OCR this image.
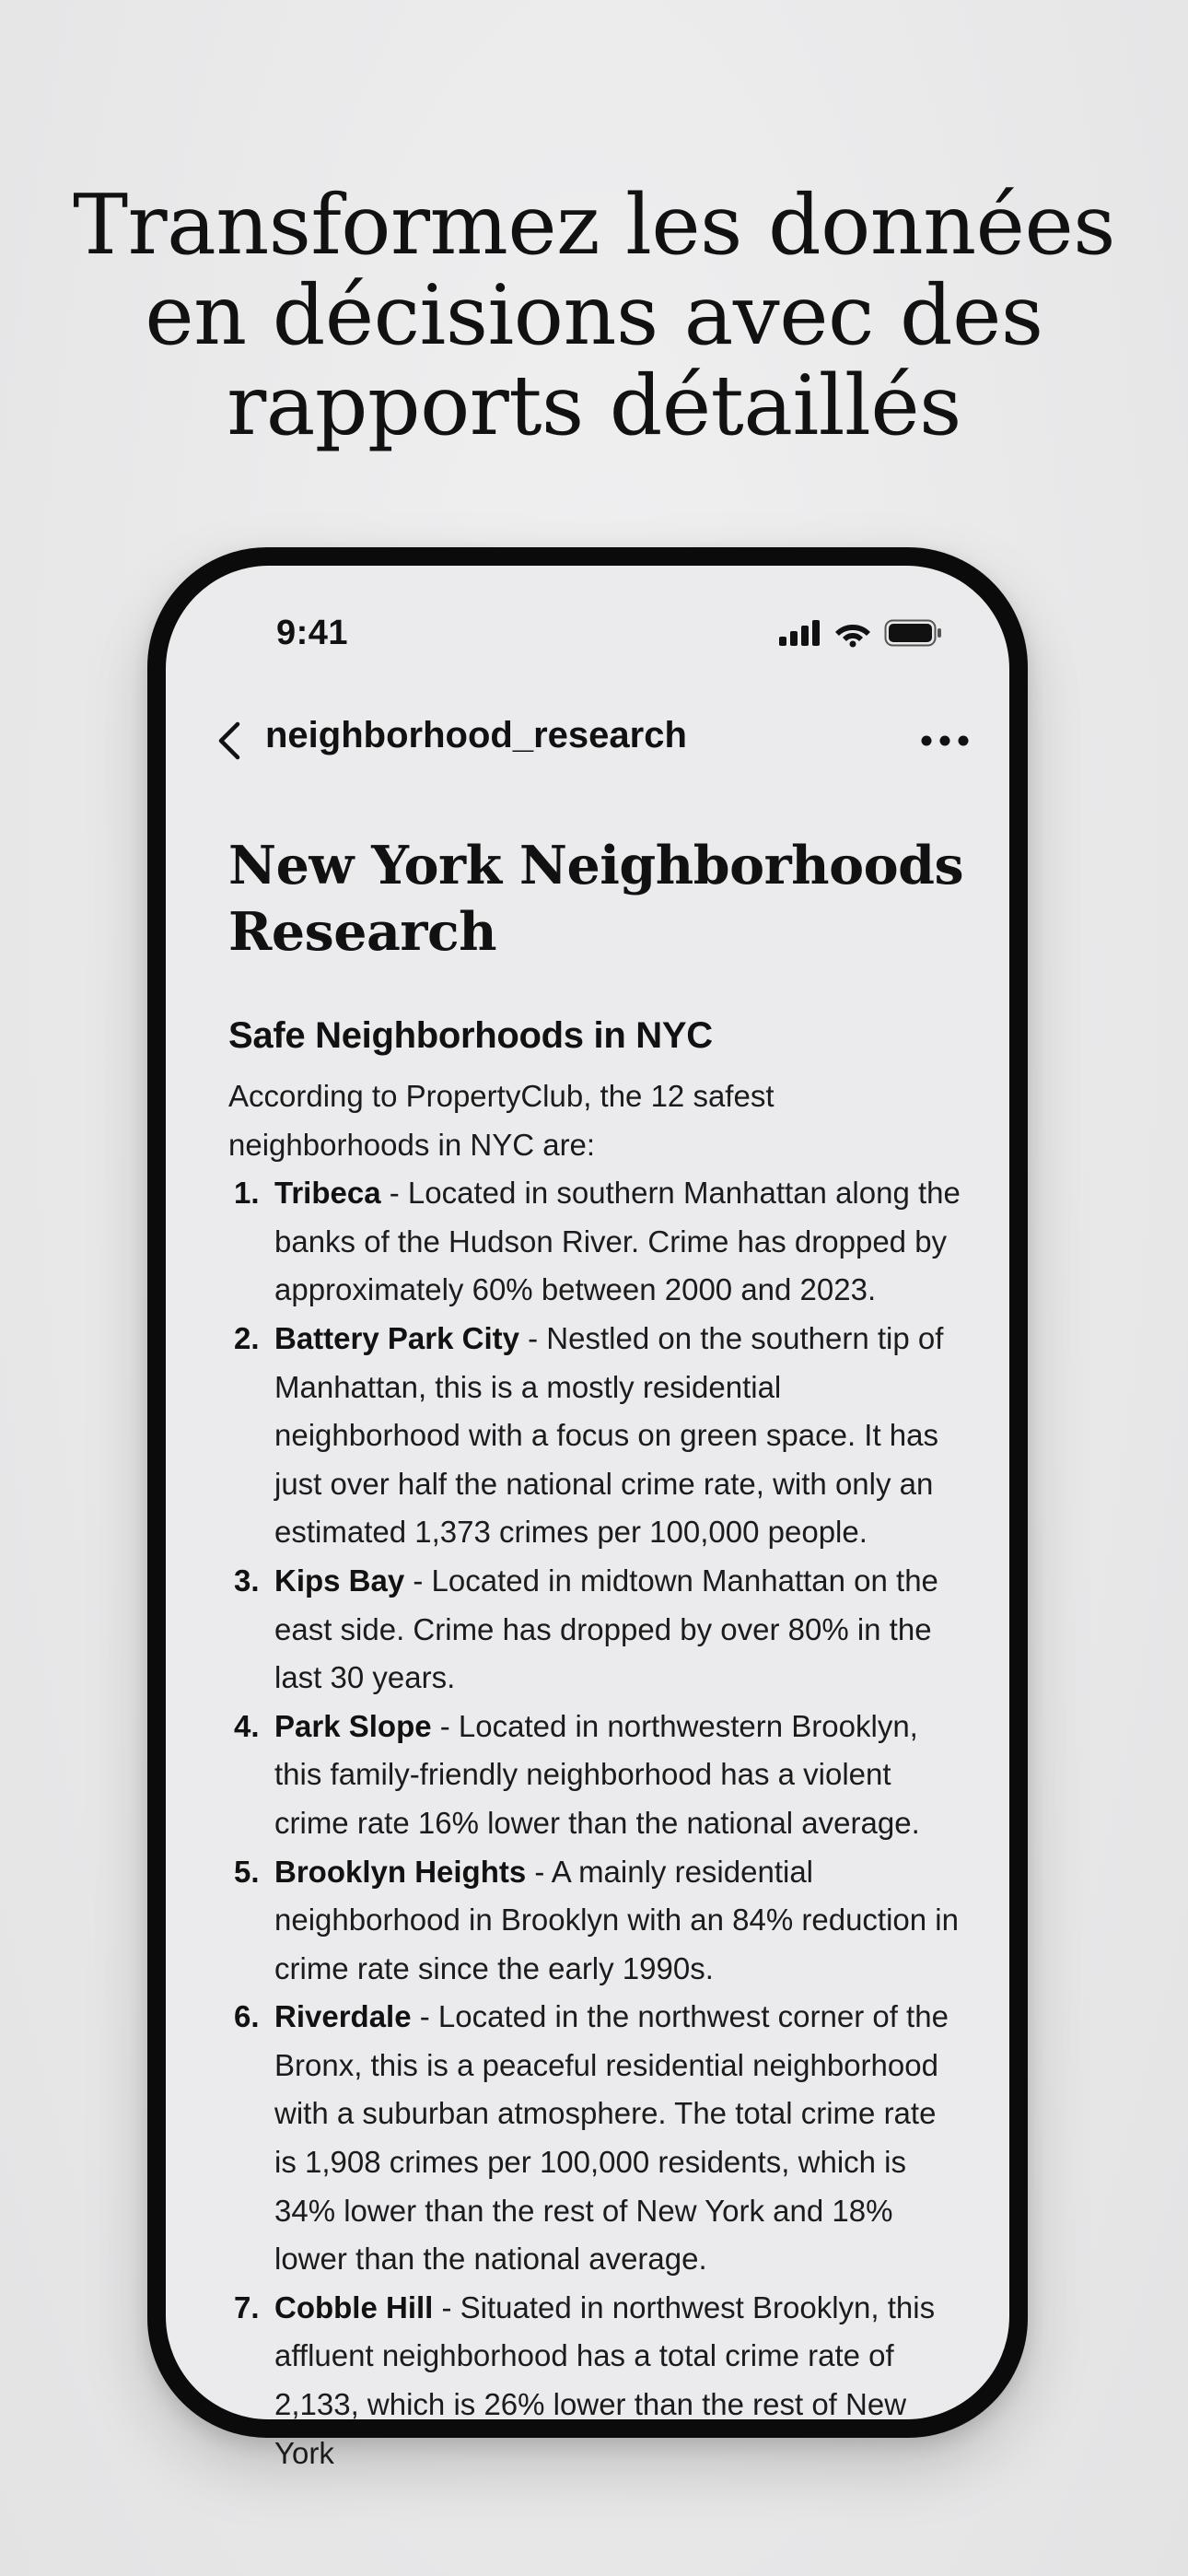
Transformez les données
en décisions avec des
rapports détaillés
9:41
neighborhood_research
New York Neighborhoods Research
Safe Neighborhoods in NYC

According to PropertyClub, the 12 safest neighborhoods in NYC are:

1. Tribeca - Located in southern Manhattan along the banks of the Hudson River. Crime has dropped by approximately 60% between 2000 and 2023.
2. Battery Park City - Nestled on the southern tip of Manhattan, this is a mostly residential neighborhood with a focus on green space. It has just over half the national crime rate, with only an estimated 1,373 crimes per 100,000 people.
3. Kips Bay - Located in midtown Manhattan on the east side. Crime has dropped by over 80% in the last 30 years.
4. Park Slope - Located in northwestern Brooklyn, this family-friendly neighborhood has a violent crime rate 16% lower than the national average.
5. Brooklyn Heights - A mainly residential neighborhood in Brooklyn with an 84% reduction in crime rate since the early 1990s.
6. Riverdale - Located in the northwest corner of the Bronx, this is a peaceful residential neighborhood with a suburban atmosphere. The total crime rate is 1,908 crimes per 100,000 residents, which is 34% lower than the rest of New York and 18% lower than the national average.
7. Cobble Hill - Situated in northwest Brooklyn, this affluent neighborhood has a total crime rate of 2,133, which is 26% lower than the rest of New York
